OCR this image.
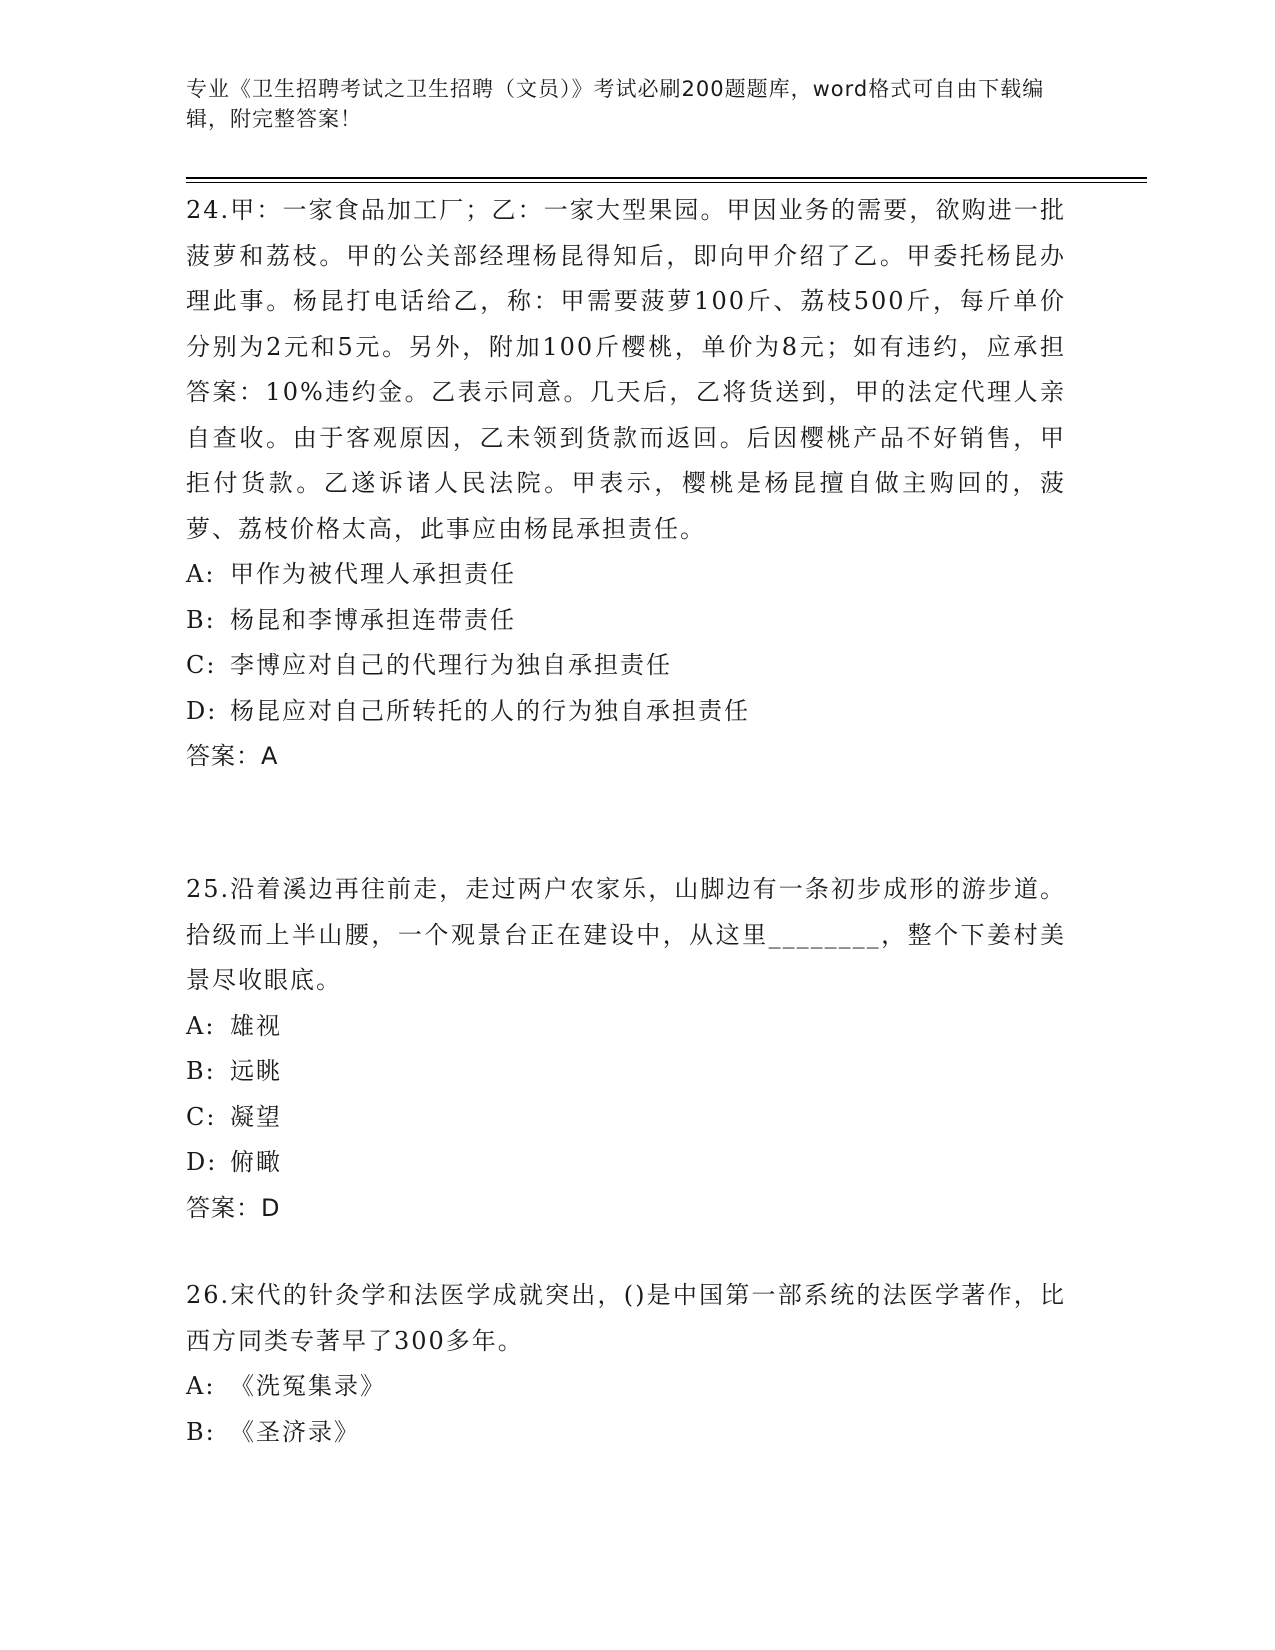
专业《卫生招聘考试之卫生招聘（文员）》考试必刷200题题库，word格式可自由下载编辑，附完整答案！

24.甲：一家食品加工厂；乙：一家大型果园。甲因业务的需要，欲购进一批菠萝和荔枝。甲的公关部经理杨昆得知后，即向甲介绍了乙。甲委托杨昆办理此事。杨昆打电话给乙，称：甲需要菠萝100斤、荔枝500斤，每斤单价分别为2元和5元。另外，附加100斤樱桃，单价为8元；如有违约，应承担答案：10%违约金。乙表示同意。几天后，乙将货送到，甲的法定代理人亲自查收。由于客观原因，乙未领到货款而返回。后因樱桃产品不好销售，甲拒付货款。乙遂诉诸人民法院。甲表示，樱桃是杨昆擅自做主购回的，菠萝、荔枝价格太高，此事应由杨昆承担责任。

A: 甲作为被代理人承担责任

B: 杨昆和李博承担连带责任

C: 李博应对自己的代理行为独自承担责任

D: 杨昆应对自己所转托的人的行为独自承担责任

答案：A

25.沿着溪边再往前走，走过两户农家乐，山脚边有一条初步成形的游步道。拾级而上半山腰，一个观景台正在建设中，从这里________，整个下姜村美景尽收眼底。

A: 雄视

B: 远眺

C: 凝望

D: 俯瞰

答案：D

26.宋代的针灸学和法医学成就突出，()是中国第一部系统的法医学著作，比西方同类专著早了300多年。

A: 《洗冤集录》

B: 《圣济录》
